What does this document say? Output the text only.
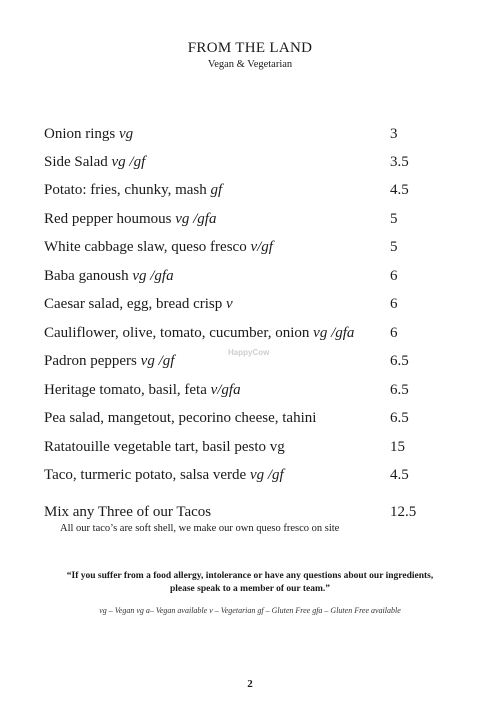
FROM THE LAND
Vegan & Vegetarian
Onion rings vg	3
Side Salad vg /gf	3.5
Potato: fries, chunky, mash gf	4.5
Red pepper houmous vg /gfa	5
White cabbage slaw, queso fresco v/gf	5
Baba ganoush vg /gfa	6
Caesar salad, egg, bread crisp v	6
Cauliflower, olive, tomato, cucumber, onion vg /gfa 6
Padron peppers vg /gf	6.5
Heritage tomato, basil, feta v/gfa	6.5
Pea salad, mangetout, pecorino cheese, tahini	6.5
Ratatouille vegetable tart, basil pesto vg	15
Taco, turmeric potato, salsa verde vg /gf	4.5
Mix any Three of our Tacos	12.5
All our taco’s are soft shell, we make our own queso fresco on site
“If you suffer from a food allergy, intolerance or have any questions about our ingredients,
please speak to a member of our team.”
vg – Vegan vg a– Vegan available v – Vegetarian gf – Gluten Free gfa – Gluten Free available
HappyCow
2
